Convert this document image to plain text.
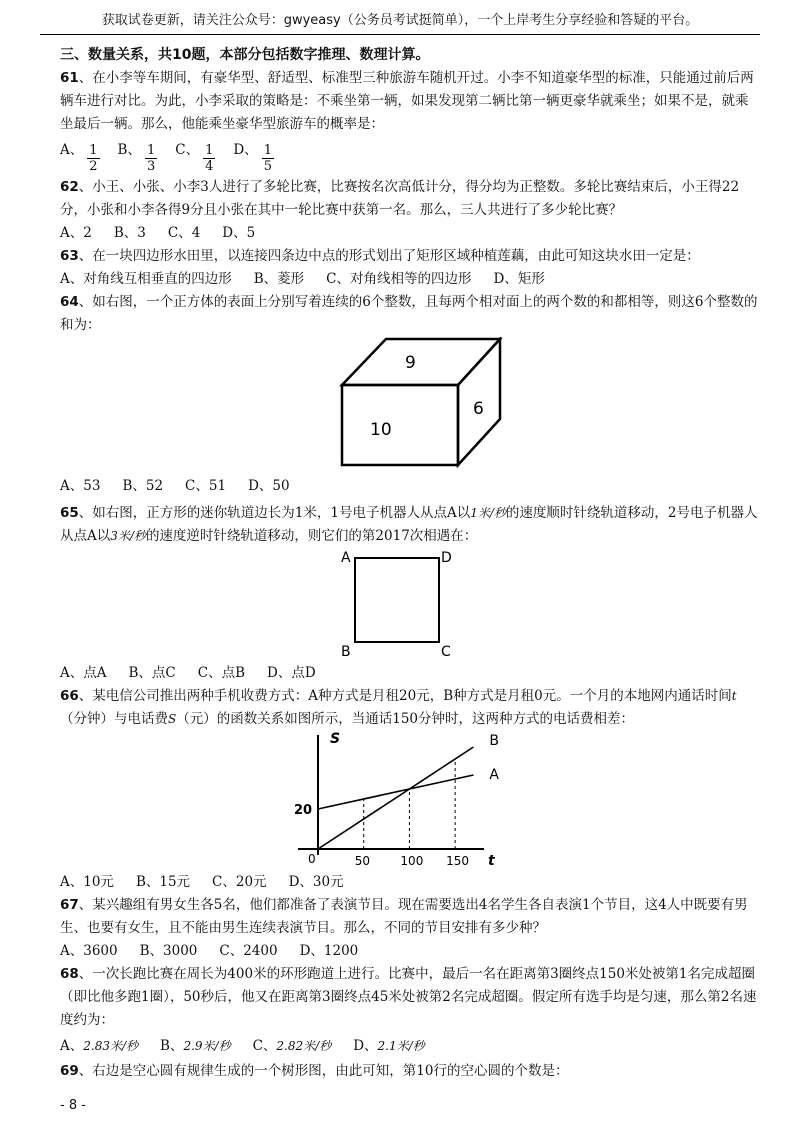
获取试卷更新，请关注公众号：gwyeasy（公务员考试挺简单），一个上岸考生分享经验和答疑的平台。
三、数量关系，共10题，本部分包括数字推理、数理计算。

61、在小李等车期间，有豪华型、舒适型、标准型三种旅游车随机开过。小李不知道豪华型的标准，只能通过前后两辆车进行对比。为此，小李采取的策略是：不乘坐第一辆，如果发现第二辆比第一辆更豪华就乘坐；如果不是，就乘坐最后一辆。那么，他能乘坐豪华型旅游车的概率是：

A、 $\frac{1}{2}$ B、 $\frac{1}{3}$ C、 $\frac{1}{4}$ D、 $\frac{1}{5}$

62、小王、小张、小李3人进行了多轮比赛，比赛按名次高低计分，得分均为正整数。多轮比赛结束后，小王得22分，小张和小李各得9分且小张在其中一轮比赛中获第一名。那么，三人共进行了多少轮比赛？

A、2 B、3 C、4 D、5

63、在一块四边形水田里，以连接四条边中点的形式划出了矩形区域种植莲藕，由此可知这块水田一定是：

A、对角线互相垂直的四边形 B、菱形 C、对角线相等的四边形 D、矩形

64、如右图，一个正方体的表面上分别写着连续的6个整数，且每两个相对面上的两个数的和都相等，则这6个整数的和为：

9
10
6
A、53 B、52 C、51 D、50

65、如右图，正方形的迷你轨道边长为1米，1号电子机器人从点A以1米/秒的速度顺时针绕轨道移动，2号电子机器人从点A以3米/秒的速度逆时针绕轨道移动，则它们的第2017次相遇在：

A	D
B	C
A、点A B、点C C、点B D、点D

66、某电信公司推出两种手机收费方式：A种方式是月租20元，B种方式是月租0元。一个月的本地网内通话时间t（分钟）与电话费S（元）的函数关系如图所示，当通话150分钟时，这两种方式的电话费相差：

S
t
0	50	100 150
20
A
B
A、10元 B、15元 C、20元 D、30元

67、某兴趣组有男女生各5名，他们都准备了表演节目。现在需要选出4名学生各自表演1个节目，这4人中既要有男生、也要有女生，且不能由男生连续表演节目。那么，不同的节目安排有多少种？

A、3600 B、3000 C、2400 D、1200

68、一次长跑比赛在周长为400米的环形跑道上进行。比赛中，最后一名在距离第3圈终点150米处被第1名完成超圈（即比他多跑1圈），50秒后，他又在距离第3圈终点45米处被第2名完成超圈。假定所有选手均是匀速，那么第2名速度约为：

A、2.83米/秒 B、2.9米/秒 C、2.82米/秒 D、2.1米/秒

69、右边是空心圆有规律生成的一个树形图，由此可知，第10行的空心圆的个数是：

- 8 -
